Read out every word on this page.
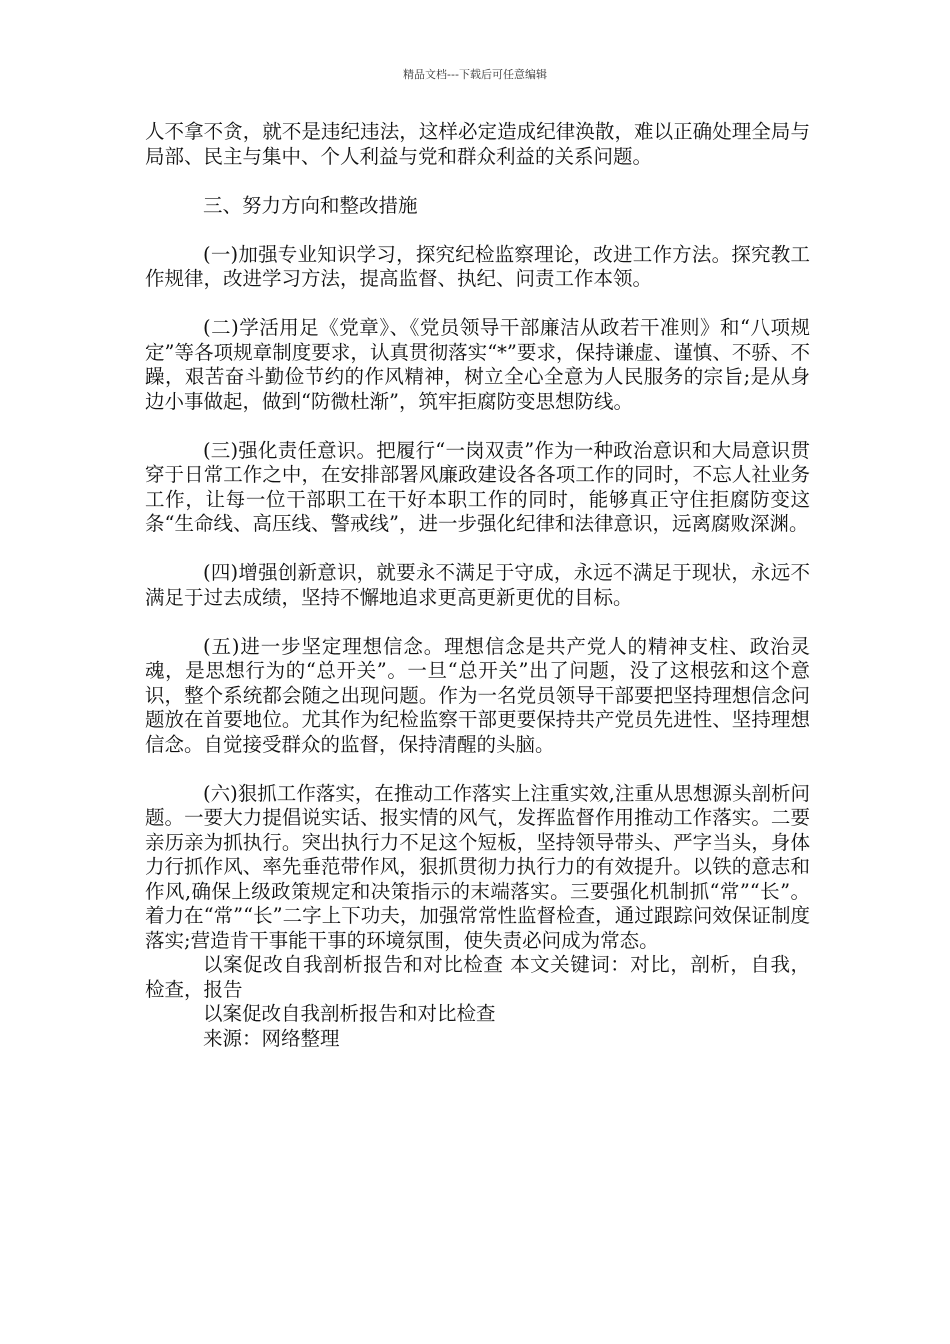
精品文档---下载后可任意编辑

人不拿不贪，就不是违纪违法，这样必定造成纪律涣散，难以正确处理全局与局部、民主与集中、个人利益与党和群众利益的关系问题。

三、努力方向和整改措施

(一)加强专业知识学习，探究纪检监察理论，改进工作方法。探究教工作规律，改进学习方法，提高监督、执纪、问责工作本领。

(二)学活用足《党章》、《党员领导干部廉洁从政若干准则》和“八项规定”等各项规章制度要求，认真贯彻落实“*”要求，保持谦虚、谨慎、不骄、不躁，艰苦奋斗勤俭节约的作风精神，树立全心全意为人民服务的宗旨;是从身边小事做起，做到“防微杜渐”，筑牢拒腐防变思想防线。

(三)强化责任意识。把履行“一岗双责”作为一种政治意识和大局意识贯穿于日常工作之中，在安排部署风廉政建设各各项工作的同时，不忘人社业务工作，让每一位干部职工在干好本职工作的同时，能够真正守住拒腐防变这条“生命线、高压线、警戒线”，进一步强化纪律和法律意识，远离腐败深渊。

(四)增强创新意识，就要永不满足于守成，永远不满足于现状，永远不满足于过去成绩，坚持不懈地追求更高更新更优的目标。

(五)进一步坚定理想信念。理想信念是共产党人的精神支柱、政治灵魂，是思想行为的“总开关”。一旦“总开关”出了问题，没了这根弦和这个意识，整个系统都会随之出现问题。作为一名党员领导干部要把坚持理想信念问题放在首要地位。尤其作为纪检监察干部更要保持共产党员先进性、坚持理想信念。自觉接受群众的监督，保持清醒的头脑。

(六)狠抓工作落实，在推动工作落实上注重实效,注重从思想源头剖析问题。一要大力提倡说实话、报实情的风气，发挥监督作用推动工作落实。二要亲历亲为抓执行。突出执行力不足这个短板，坚持领导带头、严字当头，身体力行抓作风、率先垂范带作风，狠抓贯彻力执行力的有效提升。以铁的意志和作风,确保上级政策规定和决策指示的末端落实。三要强化机制抓“常”“长”。着力在“常”“长”二字上下功夫，加强常常性监督检查，通过跟踪问效保证制度落实;营造肯干事能干事的环境氛围，使失责必问成为常态。

以案促改自我剖析报告和对比检查 本文关键词：对比，剖析，自我，检查，报告

以案促改自我剖析报告和对比检查

来源：网络整理
